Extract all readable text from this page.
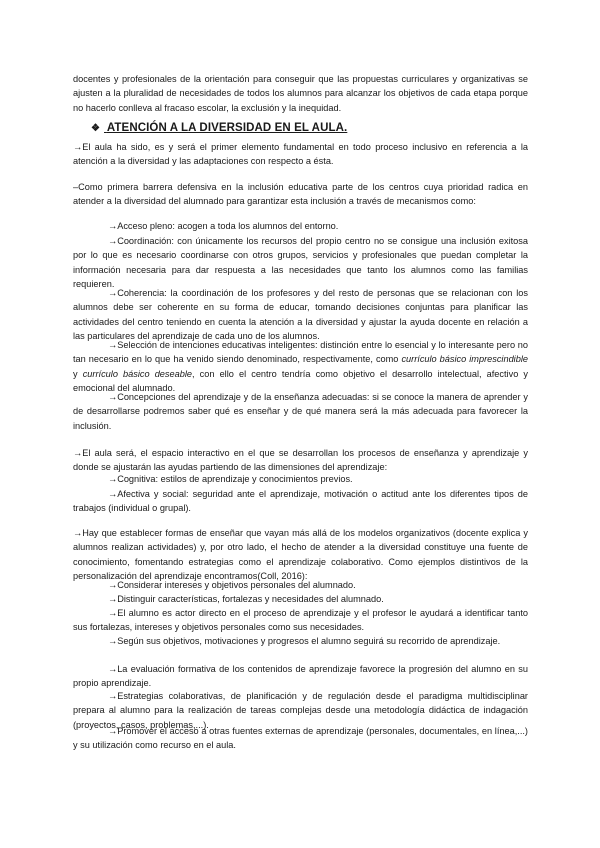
docentes y profesionales de la orientación para conseguir que las propuestas curriculares y organizativas se ajusten a la pluralidad de necesidades de todos los alumnos para alcanzar los objetivos de cada etapa porque no hacerlo conlleva al fracaso escolar, la exclusión y la inequidad.

❖ ATENCIÓN A LA DIVERSIDAD EN EL AULA.

→El aula ha sido, es y será el primer elemento fundamental en todo proceso inclusivo en referencia a la atención a la diversidad y las adaptaciones con respecto a ésta.

–Como primera barrera defensiva en la inclusión educativa parte de los centros cuya prioridad radica en atender a la diversidad del alumnado para garantizar esta inclusión a través de mecanismos como:

→Acceso pleno: acogen a toda los alumnos del entorno.

→Coordinación: con únicamente los recursos del propio centro no se consigue una inclusión exitosa por lo que es necesario coordinarse con otros grupos, servicios y profesionales que puedan completar la información necesaria para dar respuesta a las necesidades que tanto los alumnos como las familias requieren.

→Coherencia: la coordinación de los profesores y del resto de personas que se relacionan con los alumnos debe ser coherente en su forma de educar, tomando decisiones conjuntas para planificar las actividades del centro teniendo en cuenta la atención a la diversidad y ajustar la ayuda docente en relación a las particulares del aprendizaje de cada uno de los alumnos.

→Selección de intenciones educativas inteligentes: distinción entre lo esencial y lo interesante pero no tan necesario en lo que ha venido siendo denominado, respectivamente, como currículo básico imprescindible y currículo básico deseable, con ello el centro tendría como objetivo el desarrollo intelectual, afectivo y emocional del alumnado.

→Concepciones del aprendizaje y de la enseñanza adecuadas: si se conoce la manera de aprender y de desarrollarse podremos saber qué es enseñar y de qué manera será la más adecuada para favorecer la inclusión.

→El aula será, el espacio interactivo en el que se desarrollan los procesos de enseñanza y aprendizaje y donde se ajustarán las ayudas partiendo de las dimensiones del aprendizaje:

→Cognitiva: estilos de aprendizaje y conocimientos previos.

→Afectiva y social: seguridad ante el aprendizaje, motivación o actitud ante los diferentes tipos de trabajos (individual o grupal).

→Hay que establecer formas de enseñar que vayan más allá de los modelos organizativos (docente explica y alumnos realizan actividades) y, por otro lado, el hecho de atender a la diversidad constituye una fuente de conocimiento, fomentando estrategias como el aprendizaje colaborativo. Como ejemplos distintivos de la personalización del aprendizaje encontramos(Coll, 2016):

→Considerar intereses y objetivos personales del alumnado.

→Distinguir características, fortalezas y necesidades del alumnado.

→El alumno es actor directo en el proceso de aprendizaje y el profesor le ayudará a identificar tanto sus fortalezas, intereses y objetivos personales como sus necesidades.

→Según sus objetivos, motivaciones y progresos el alumno seguirá su recorrido de aprendizaje.

→La evaluación formativa de los contenidos de aprendizaje favorece la progresión del alumno en su propio aprendizaje.

→Estrategias colaborativas, de planificación y de regulación desde el paradigma multidisciplinar prepara al alumno para la realización de tareas complejas desde una metodología didáctica de indagación (proyectos, casos, problemas,...).

→Promover el acceso a otras fuentes externas de aprendizaje (personales, documentales, en línea,...) y su utilización como recurso en el aula.
